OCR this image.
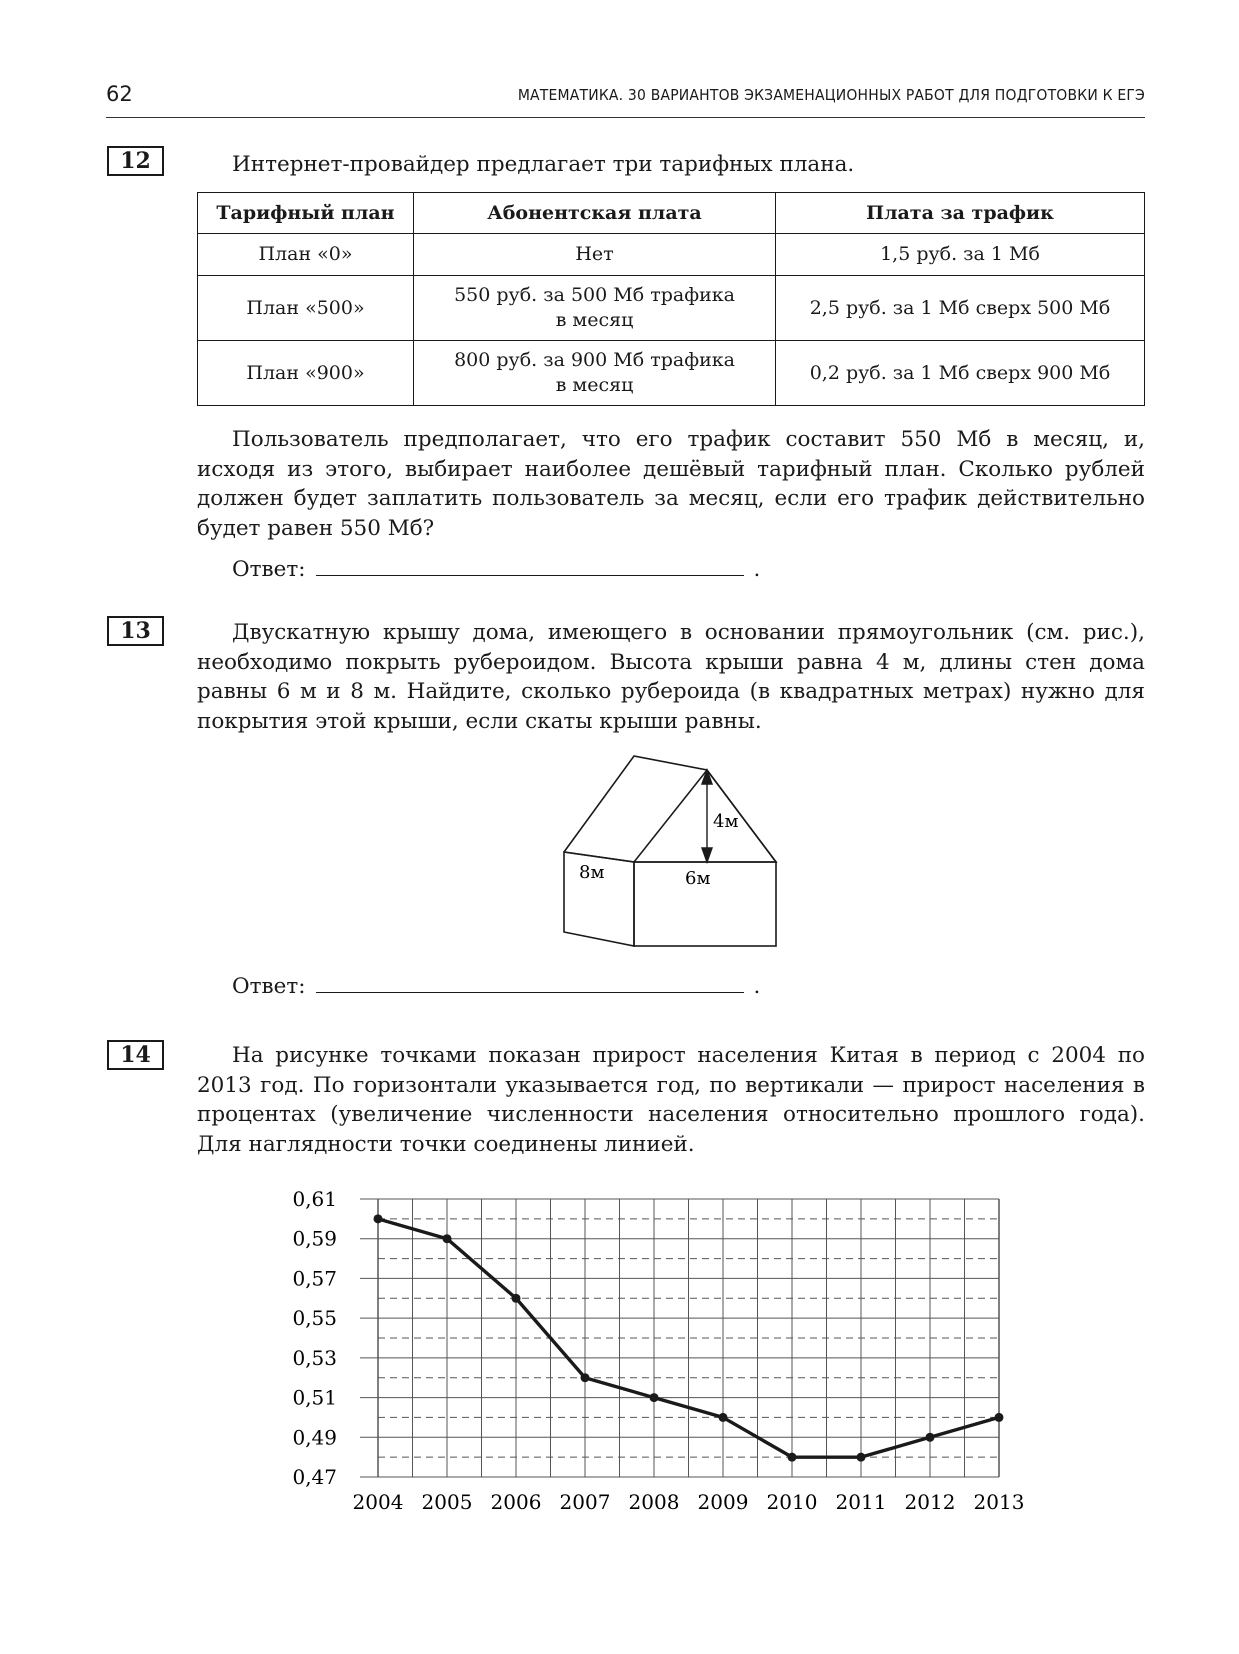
62	МАТЕМАТИКА. 30 ВАРИАНТОВ ЭКЗАМЕНАЦИОННЫХ РАБОТ ДЛЯ ПОДГОТОВКИ К ЕГЭ
12	Интернет-провайдер предлагает три тарифных плана.
Тарифный план	Абонентская плата	Плата за трафик
План «0»	Нет	1,5 руб. за 1 Мб
План «500»	550 руб. за 500 Мб трафика в месяц	2,5 руб. за 1 Мб сверх 500 Мб
План «900»	800 руб. за 900 Мб трафика в месяц	0,2 руб. за 1 Мб сверх 900 Мб
Пользователь предполагает, что его трафик составит 550 Мб в месяц, и, исходя из этого, выбирает наиболее дешёвый тарифный план. Сколько рублей должен будет заплатить пользователь за месяц, если его трафик действительно будет равен 550 Мб?
Ответ:	.
13	Двускатную крышу дома, имеющего в основании прямоугольник (см. рис.), необходимо покрыть рубероидом. Высота крыши равна 4 м, длины стен дома равны 6 м и 8 м. Найдите, сколько рубероида (в квадратных метрах) нужно для покрытия этой крыши, если скаты крыши равны.
4м
8м	6м
Ответ:	.
14	На рисунке точками показан прирост населения Китая в период с 2004 по 2013 год. По горизонтали указывается год, по вертикали — прирост населения в процентах (увеличение численности населения относительно прошлого года). Для наглядности точки соединены линией.
0,47
0,49
0,51
0,53
0,55
0,57
0,59
0,61
2004 2005 2006 2007 2008 2009 2010 2011 2012 2013
